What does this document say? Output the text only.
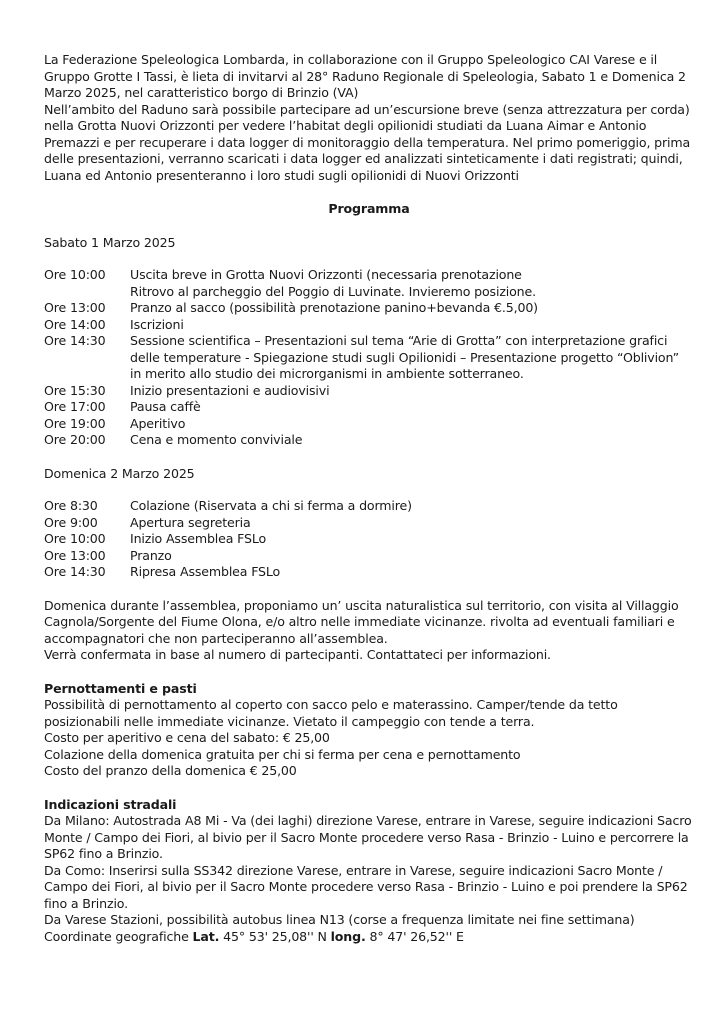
La Federazione Speleologica Lombarda, in collaborazione con il Gruppo Speleologico CAI Varese e il Gruppo Grotte I Tassi, è lieta di invitarvi al 28° Raduno Regionale di Speleologia, Sabato 1 e Domenica 2 Marzo 2025, nel caratteristico borgo di Brinzio (VA)

Nell’ambito del Raduno sarà possibile partecipare ad un’escursione breve (senza attrezzatura per corda) nella Grotta Nuovi Orizzonti per vedere l’habitat degli opilionidi studiati da Luana Aimar e Antonio Premazzi e per recuperare i data logger di monitoraggio della temperatura. Nel primo pomeriggio, prima delle presentazioni, verranno scaricati i data logger ed analizzati sinteticamente i dati registrati; quindi, Luana ed Antonio presenteranno i loro studi sugli opilionidi di Nuovi Orizzonti

Programma

Sabato 1 Marzo 2025

Ore 10:00	Uscita breve in Grotta Nuovi Orizzonti (necessaria prenotazione
Ritrovo al parcheggio del Poggio di Luvinate. Invieremo posizione.
Ore 13:00	Pranzo al sacco (possibilità prenotazione panino+bevanda €.5,00)
Ore 14:00	Iscrizioni
Ore 14:30	Sessione scientifica – Presentazioni sul tema “Arie di Grotta” con interpretazione grafici delle temperature - Spiegazione studi sugli Opilionidi – Presentazione progetto “Oblivion” in merito allo studio dei microrganismi in ambiente sotterraneo.
Ore 15:30	Inizio presentazioni e audiovisivi
Ore 17:00	Pausa caffè
Ore 19:00	Aperitivo
Ore 20:00	Cena e momento conviviale

Domenica 2 Marzo 2025

Ore 8:30	Colazione (Riservata a chi si ferma a dormire)
Ore 9:00	Apertura segreteria
Ore 10:00	Inizio Assemblea FSLo
Ore 13:00	Pranzo
Ore 14:30	Ripresa Assemblea FSLo

Domenica durante l’assemblea, proponiamo un’ uscita naturalistica sul territorio, con visita al Villaggio Cagnola/Sorgente del Fiume Olona, e/o altro nelle immediate vicinanze. rivolta ad eventuali familiari e accompagnatori che non parteciperanno all’assemblea.

Verrà confermata in base al numero di partecipanti. Contattateci per informazioni.

Pernottamenti e pasti

Possibilità di pernottamento al coperto con sacco pelo e materassino. Camper/tende da tetto posizionabili nelle immediate vicinanze. Vietato il campeggio con tende a terra.

Costo per aperitivo e cena del sabato: € 25,00

Colazione della domenica gratuita per chi si ferma per cena e pernottamento

Costo del pranzo della domenica € 25,00

Indicazioni stradali

Da Milano: Autostrada A8 Mi - Va (dei laghi) direzione Varese, entrare in Varese, seguire indicazioni Sacro Monte / Campo dei Fiori, al bivio per il Sacro Monte procedere verso Rasa - Brinzio - Luino e percorrere la SP62 fino a Brinzio.

Da Como: Inserirsi sulla SS342 direzione Varese, entrare in Varese, seguire indicazioni Sacro Monte / Campo dei Fiori, al bivio per il Sacro Monte procedere verso Rasa - Brinzio - Luino e poi prendere la SP62 fino a Brinzio.

Da Varese Stazioni, possibilità autobus linea N13 (corse a frequenza limitate nei fine settimana)

Coordinate geografiche Lat. 45° 53' 25,08'' N long. 8° 47' 26,52'' E
